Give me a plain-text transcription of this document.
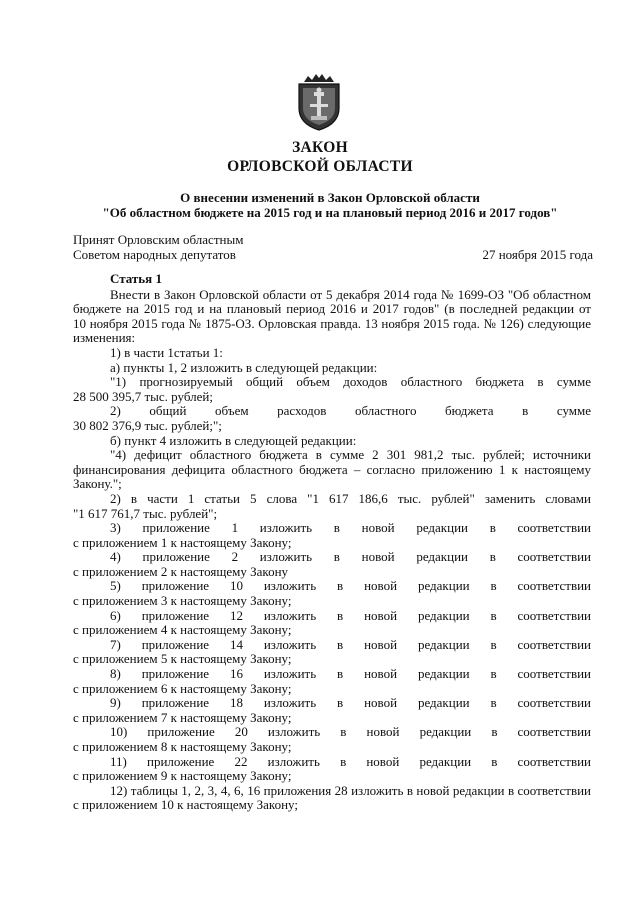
ЗАКОН
ОРЛОВСКОЙ ОБЛАСТИ
О внесении изменений в Закон Орловской области
"Об областном бюджете на 2015 год и на плановый период 2016 и 2017 годов"
Принят Орловским областным
Советом народных депутатов	27 ноября 2015 года

Статья 1

Внести в Закон Орловской области от 5 декабря 2014 года № 1699-ОЗ "Об областном

бюджете на 2015 год и на плановый период 2016 и 2017 годов" (в последней редакции от

10 ноября 2015 года № 1875-ОЗ. Орловская правда. 13 ноября 2015 года. № 126) следующие

изменения:

1) в части 1статьи 1:

а) пункты 1, 2 изложить в следующей редакции:

"1) прогнозируемый общий объем доходов областного бюджета в сумме

28 500 395,7 тыс. рублей;

2) общий объем расходов областного бюджета в сумме

30 802 376,9 тыс. рублей;";

б) пункт 4 изложить в следующей редакции:

"4) дефицит областного бюджета в сумме 2 301 981,2 тыс. рублей; источники

финансирования дефицита областного бюджета – согласно приложению 1 к настоящему

Закону.";

2) в части 1 статьи 5 слова "1 617 186,6 тыс. рублей" заменить словами

"1 617 761,7 тыс. рублей";

3) приложение 1 изложить в новой редакции в соответствии

с приложением 1 к настоящему Закону;

4) приложение 2 изложить в новой редакции в соответствии

с приложением 2 к настоящему Закону

5) приложение 10 изложить в новой редакции в соответствии

с приложением 3 к настоящему Закону;

6) приложение 12 изложить в новой редакции в соответствии

с приложением 4 к настоящему Закону;

7) приложение 14 изложить в новой редакции в соответствии

с приложением 5 к настоящему Закону;

8) приложение 16 изложить в новой редакции в соответствии

с приложением 6 к настоящему Закону;

9) приложение 18 изложить в новой редакции в соответствии

с приложением 7 к настоящему Закону;

10) приложение 20 изложить в новой редакции в соответствии

с приложением 8 к настоящему Закону;

11) приложение 22 изложить в новой редакции в соответствии

с приложением 9 к настоящему Закону;

12) таблицы 1, 2, 3, 4, 6, 16 приложения 28 изложить в новой редакции в соответствии

с приложением 10 к настоящему Закону;
